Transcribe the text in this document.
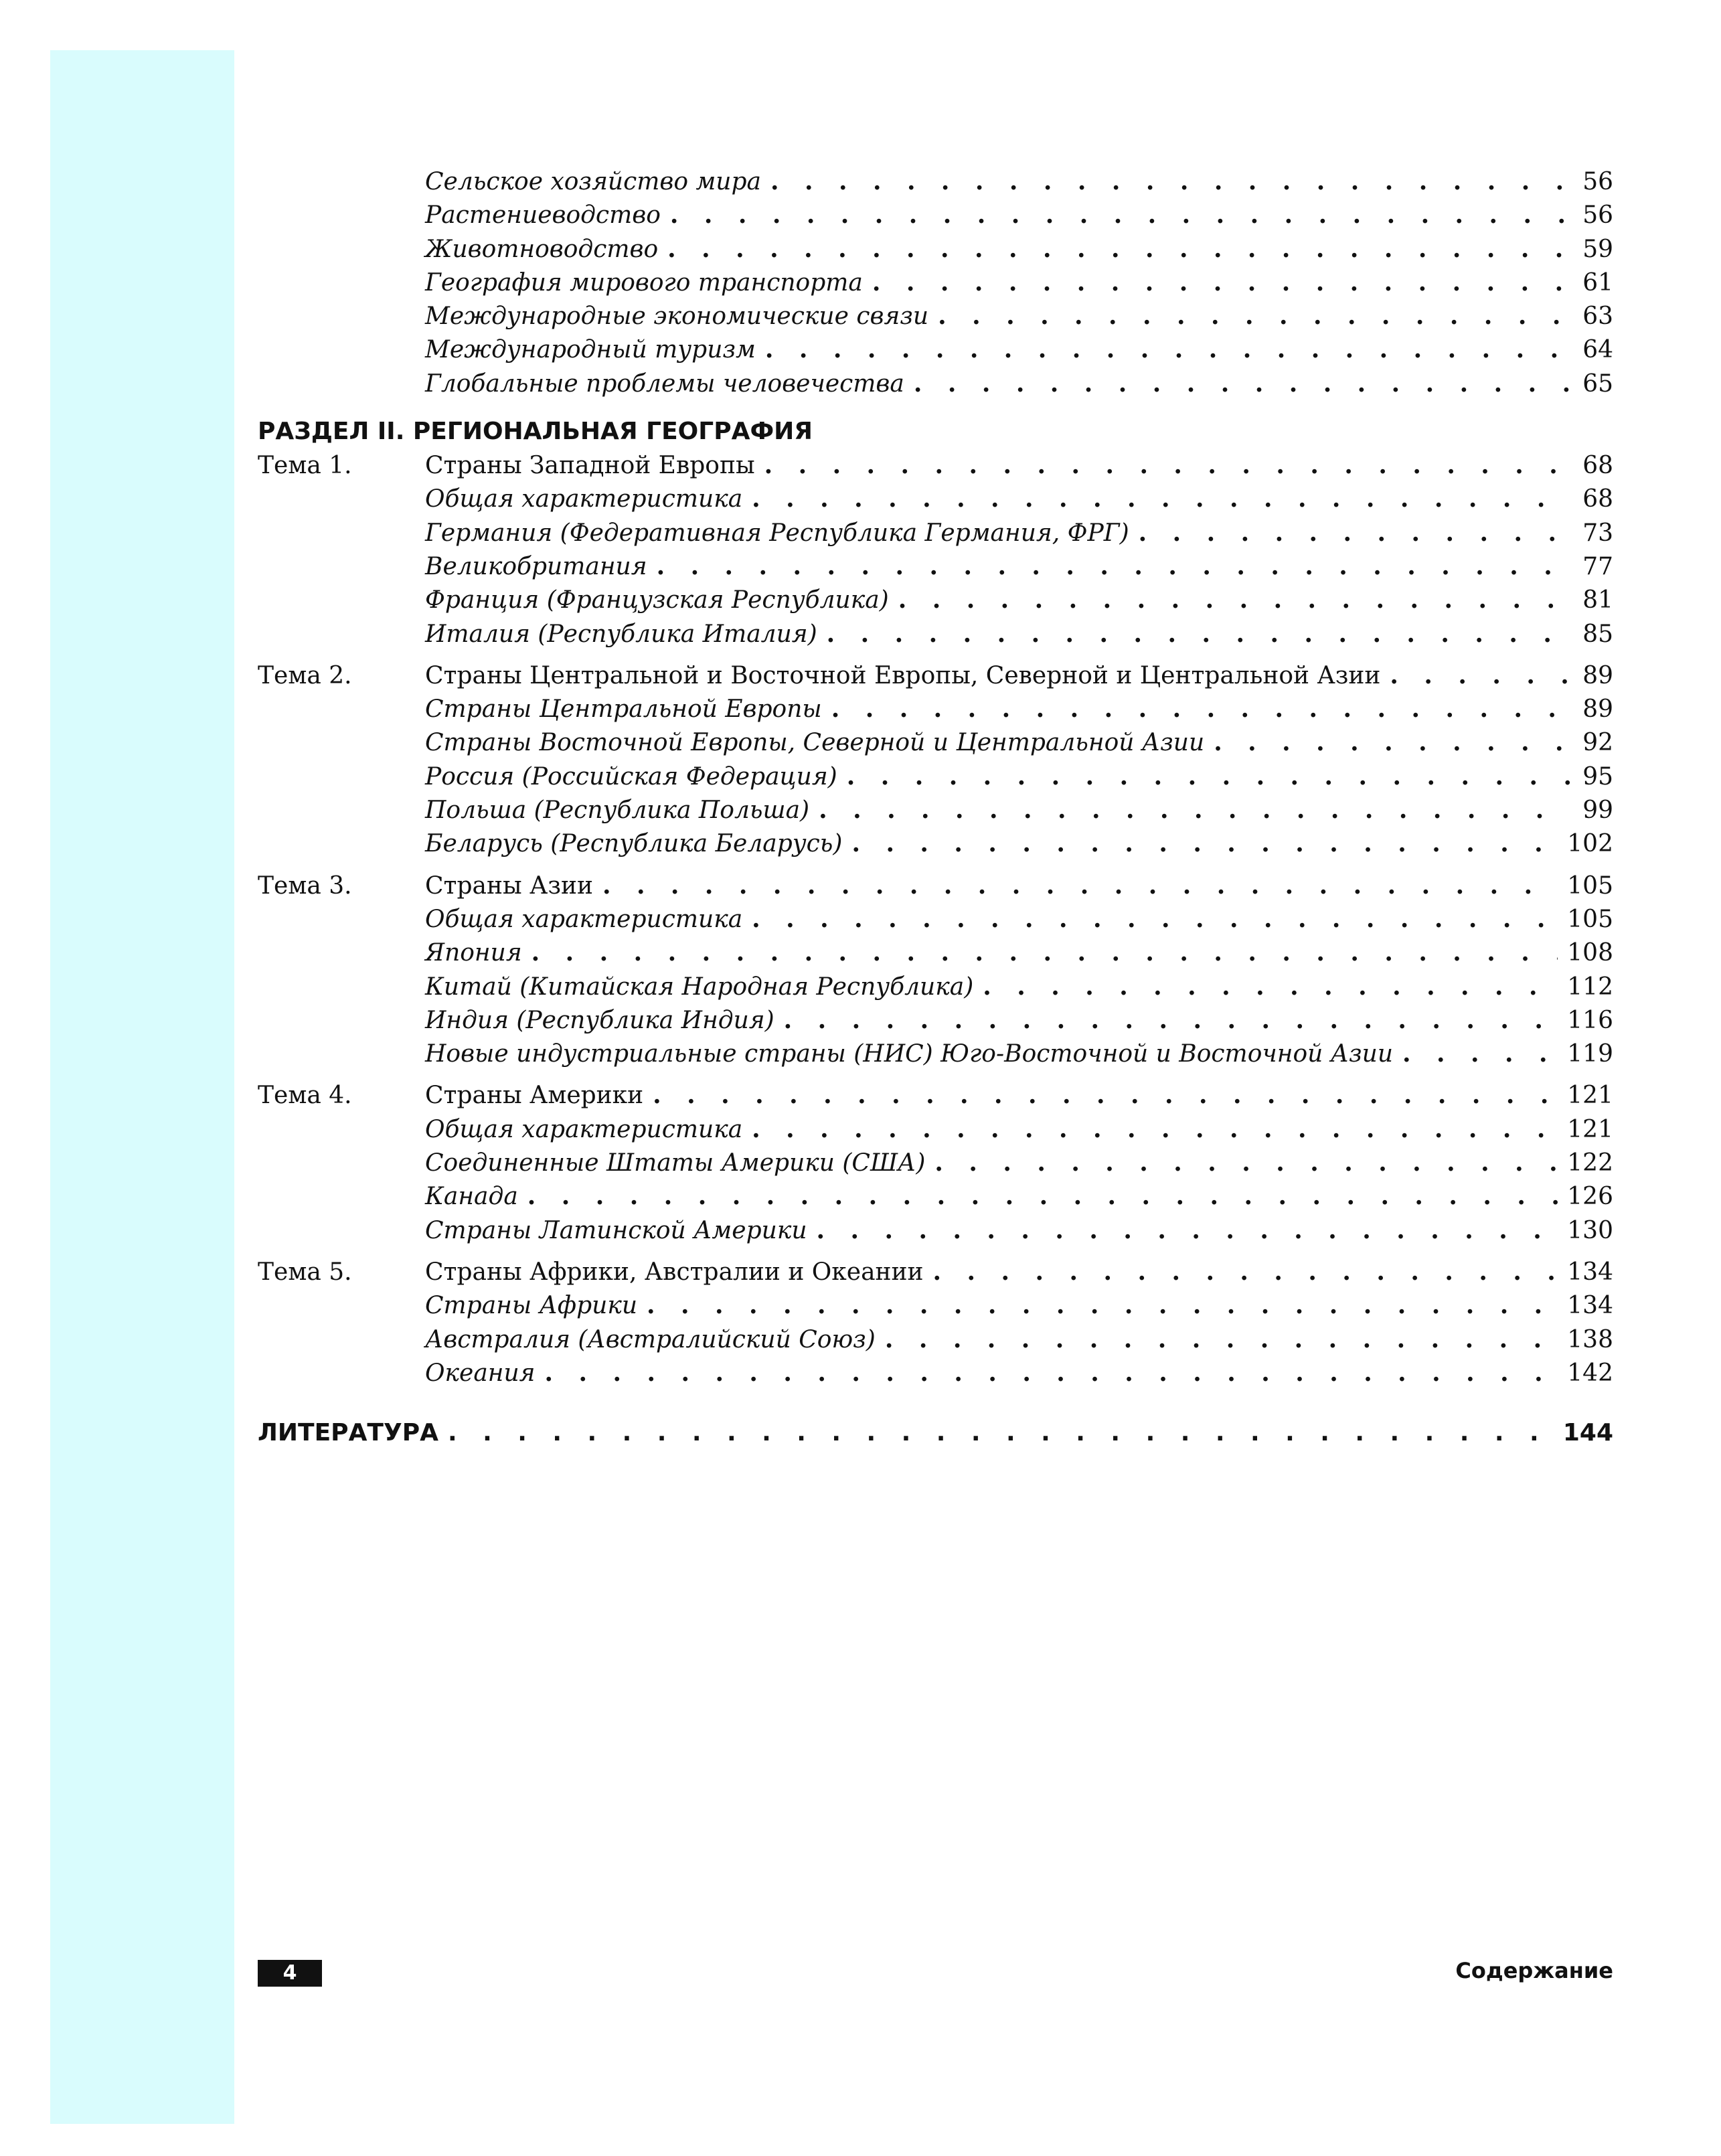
Сельское хозяйство мира . . .	56
Растениеводство . . .	56
Животноводство . . .	59
География мирового транспорта . . .	61
Международные экономические связи . . .	63
Международный туризм . . .	64
Глобальные проблемы человечества . . .	65
РАЗДЕЛ II. РЕГИОНАЛЬНАЯ ГЕОГРАФИЯ
Тема 1.	Страны Западной Европы . . .	68
Общая характеристика . . .	68
Германия (Федеративная Республика Германия, ФРГ) . . .	73
Великобритания . . .	77
Франция (Французская Республика) . . .	81
Италия (Республика Италия) . . .	85
Тема 2.	Страны Центральной и Восточной Европы, Северной и Центральной Азии . . .	89
Страны Центральной Европы . . .	89
Страны Восточной Европы, Северной и Центральной Азии . . .	92
Россия (Российская Федерация) . . .	95
Польша (Республика Польша) . . .	99
Беларусь (Республика Беларусь) . . .	102
Тема 3.	Страны Азии . . .	105
Общая характеристика . . .	105
Япония . . .	108
Китай (Китайская Народная Республика) . . .	112
Индия (Республика Индия) . . .	116
Новые индустриальные страны (НИС) Юго-Восточной и Восточной Азии . . .	119
Тема 4.	Страны Америки . . .	121
Общая характеристика . . .	121
Соединенные Штаты Америки (США) . . .	122
Канада . . .	126
Страны Латинской Америки . . .	130
Тема 5.	Страны Африки, Австралии и Океании . . .	134
Страны Африки . . .	134
Австралия (Австралийский Союз) . . .	138
Океания . . .	142
ЛИТЕРАТУРА . . .	144
4	Содержание
